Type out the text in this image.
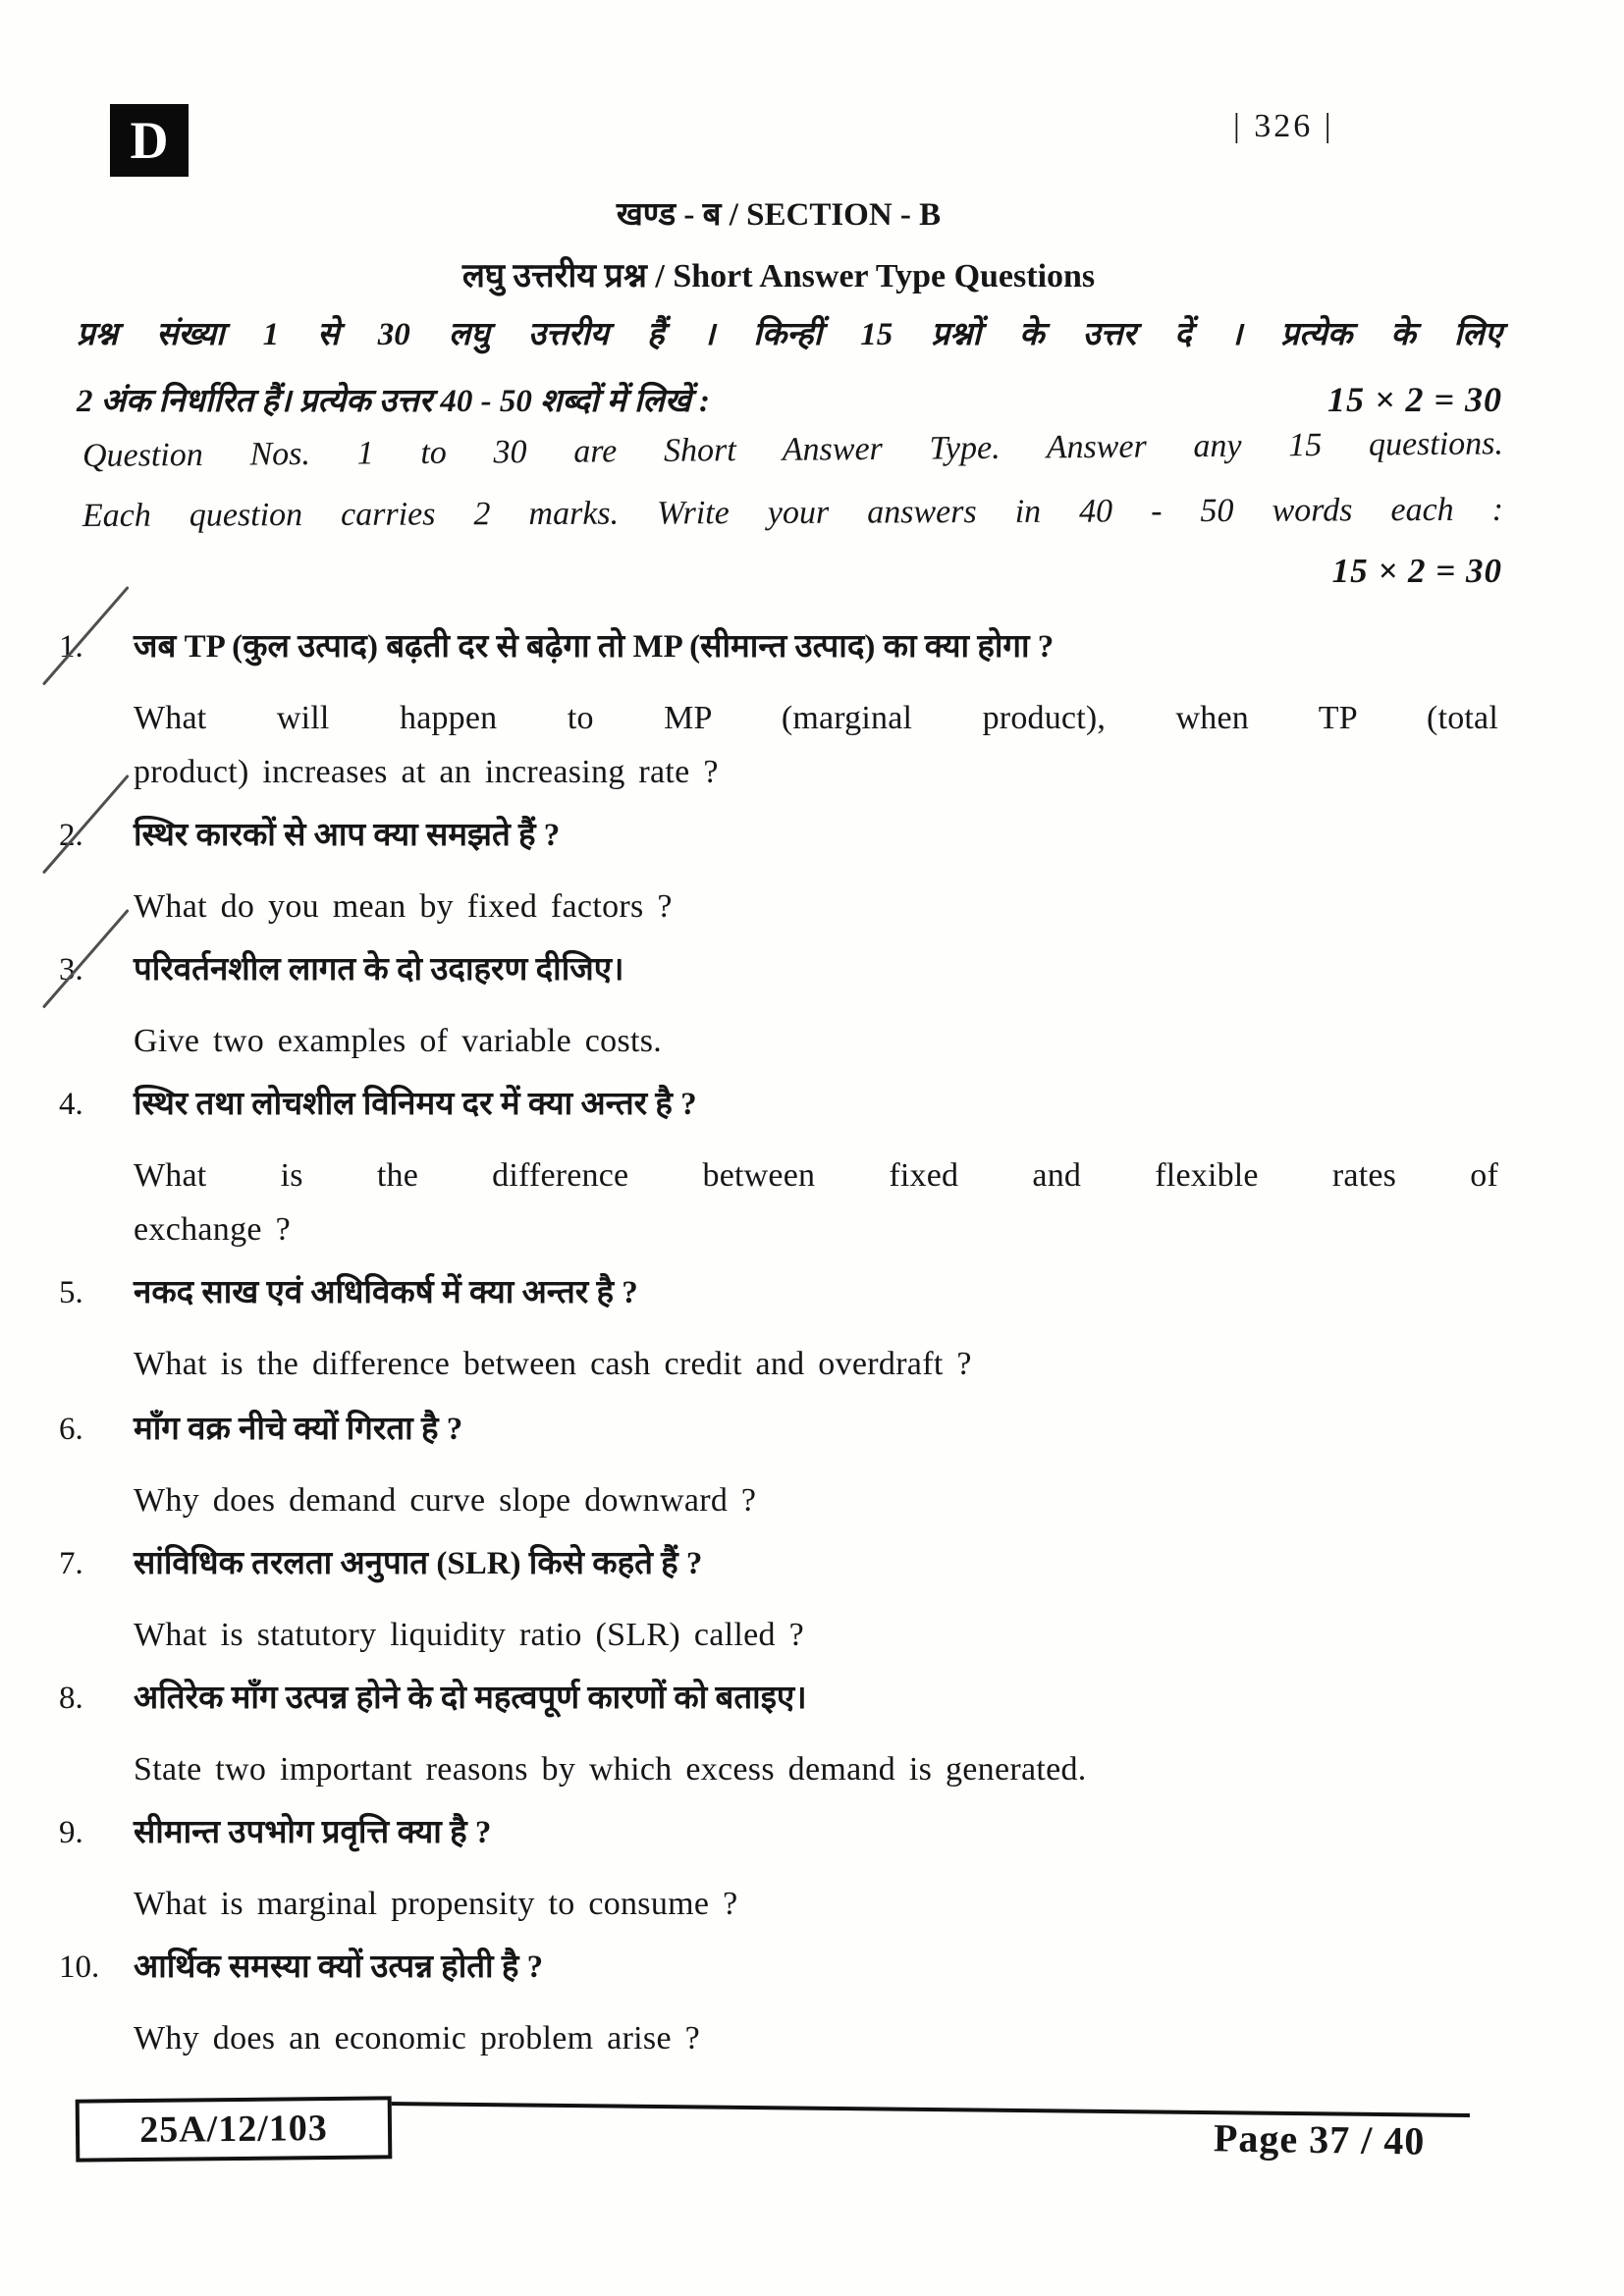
D	| 326 |
खण्ड - ब / SECTION - B
लघु उत्तरीय प्रश्न / Short Answer Type Questions
प्रश्न संख्या 1 से 30 लघु उत्तरीय हैं । किन्हीं 15 प्रश्नों के उत्तर दें । प्रत्येक के लिए
2 अंक निर्धारित हैं। प्रत्येक उत्तर 40 - 50 शब्दों में लिखें :	15 × 2 = 30
Question Nos. 1 to 30 are Short Answer Type. Answer any 15 questions.
Each question carries 2 marks. Write your answers in 40 - 50 words each :
15 × 2 = 30
1.	जब TP (कुल उत्पाद) बढ़ती दर से बढ़ेगा तो MP (सीमान्त उत्पाद) का क्या होगा ?
What will happen to MP (marginal product), when TP (total
product) increases at an increasing rate ?
2.	स्थिर कारकों से आप क्या समझते हैं ?
What do you mean by fixed factors ?
3.	परिवर्तनशील लागत के दो उदाहरण दीजिए।
Give two examples of variable costs.
4.	स्थिर तथा लोचशील विनिमय दर में क्या अन्तर है ?
What is the difference between fixed and flexible rates of
exchange ?
5.	नकद साख एवं अधिविकर्ष में क्या अन्तर है ?
What is the difference between cash credit and overdraft ?
6.	माँग वक्र नीचे क्यों गिरता है ?
Why does demand curve slope downward ?
7.	सांविधिक तरलता अनुपात (SLR) किसे कहते हैं ?
What is statutory liquidity ratio (SLR) called ?
8.	अतिरेक माँग उत्पन्न होने के दो महत्वपूर्ण कारणों को बताइए।
State two important reasons by which excess demand is generated.
9.	सीमान्त उपभोग प्रवृत्ति क्या है ?
What is marginal propensity to consume ?
10.	आर्थिक समस्या क्यों उत्पन्न होती है ?
Why does an economic problem arise ?
25A/12/103	Page 37 / 40
